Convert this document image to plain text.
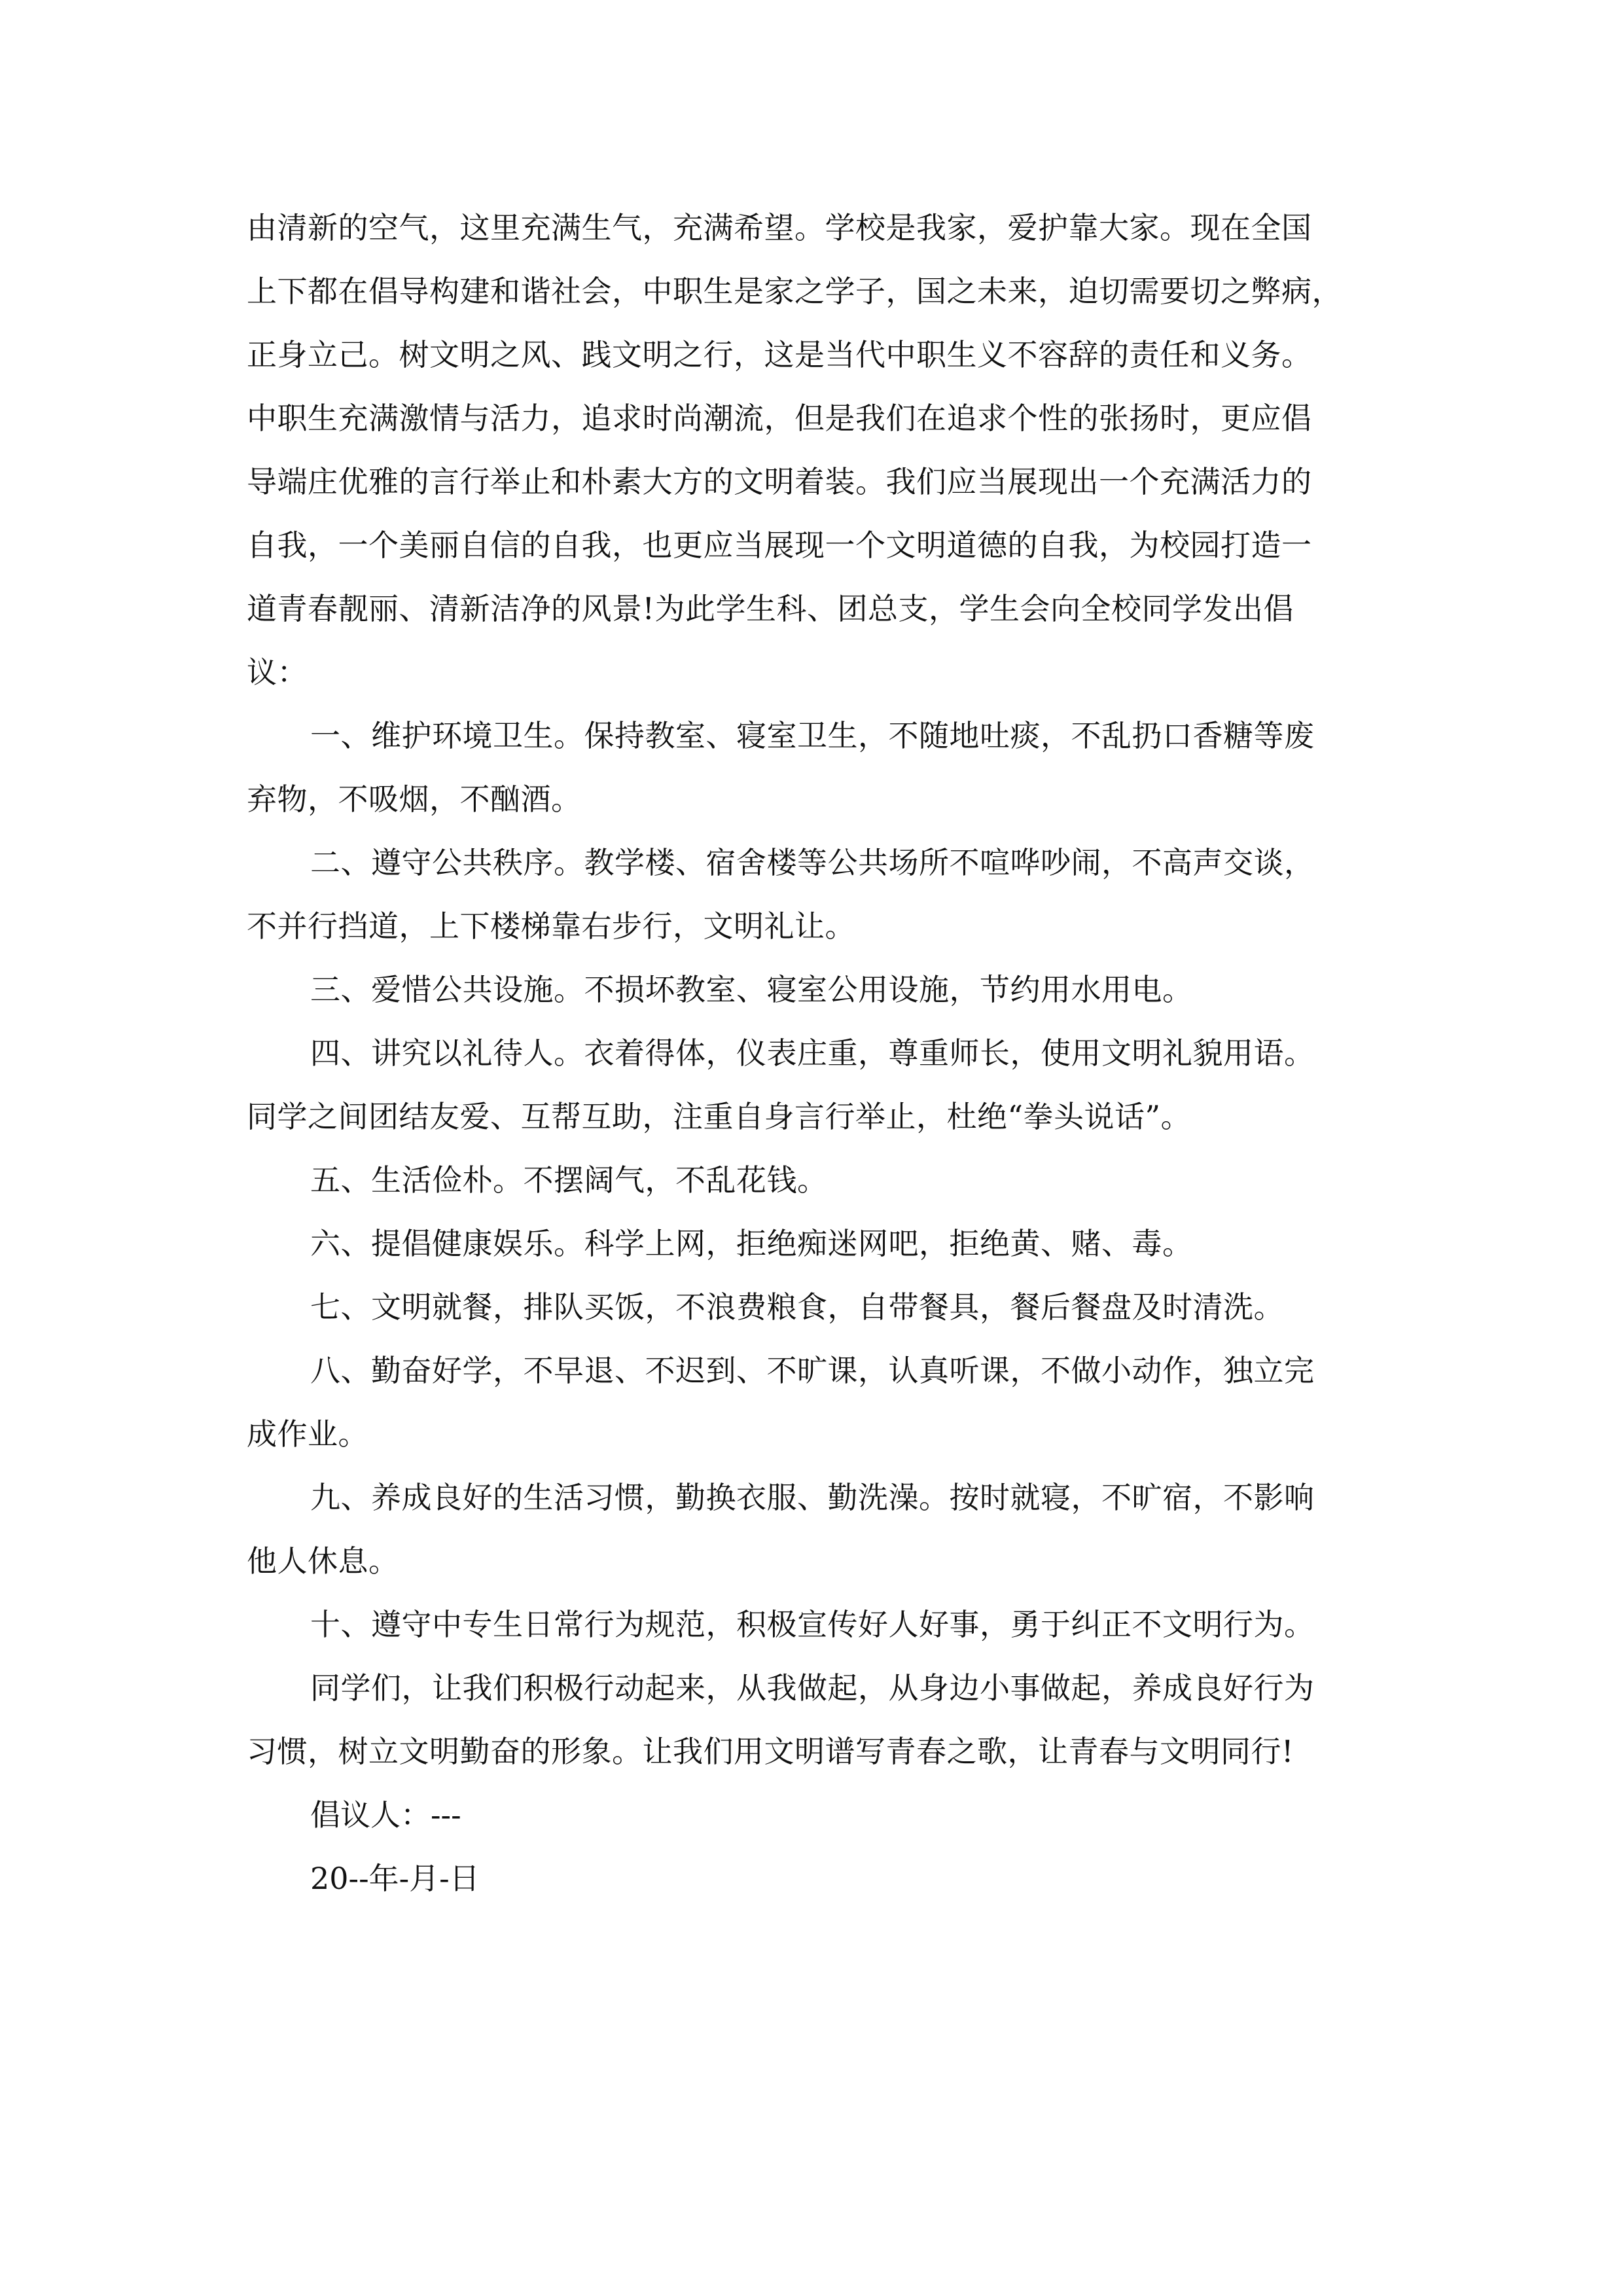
由清新的空气，这里充满生气，充满希望。学校是我家，爱护靠大家。现在全国
上下都在倡导构建和谐社会，中职生是家之学子，国之未来，迫切需要切之弊病，
正身立己。树文明之风、践文明之行，这是当代中职生义不容辞的责任和义务。
中职生充满激情与活力，追求时尚潮流，但是我们在追求个性的张扬时，更应倡
导端庄优雅的言行举止和朴素大方的文明着装。我们应当展现出一个充满活力的
自我，一个美丽自信的自我，也更应当展现一个文明道德的自我，为校园打造一
道青春靓丽、清新洁净的风景!为此学生科、团总支，学生会向全校同学发出倡
议：
一、维护环境卫生。保持教室、寝室卫生，不随地吐痰，不乱扔口香糖等废
弃物，不吸烟，不酗酒。
二、遵守公共秩序。教学楼、宿舍楼等公共场所不喧哗吵闹，不高声交谈，
不并行挡道，上下楼梯靠右步行，文明礼让。
三、爱惜公共设施。不损坏教室、寝室公用设施，节约用水用电。
四、讲究以礼待人。衣着得体，仪表庄重，尊重师长，使用文明礼貌用语。
同学之间团结友爱、互帮互助，注重自身言行举止，杜绝“拳头说话”。
五、生活俭朴。不摆阔气，不乱花钱。
六、提倡健康娱乐。科学上网，拒绝痴迷网吧，拒绝黄、赌、毒。
七、文明就餐，排队买饭，不浪费粮食，自带餐具，餐后餐盘及时清洗。
八、勤奋好学，不早退、不迟到、不旷课，认真听课，不做小动作，独立完
成作业。
九、养成良好的生活习惯，勤换衣服、勤洗澡。按时就寝，不旷宿，不影响
他人休息。
十、遵守中专生日常行为规范，积极宣传好人好事，勇于纠正不文明行为。
同学们，让我们积极行动起来，从我做起，从身边小事做起，养成良好行为
习惯，树立文明勤奋的形象。让我们用文明谱写青春之歌，让青春与文明同行!
倡议人：---
20--年-月-日
